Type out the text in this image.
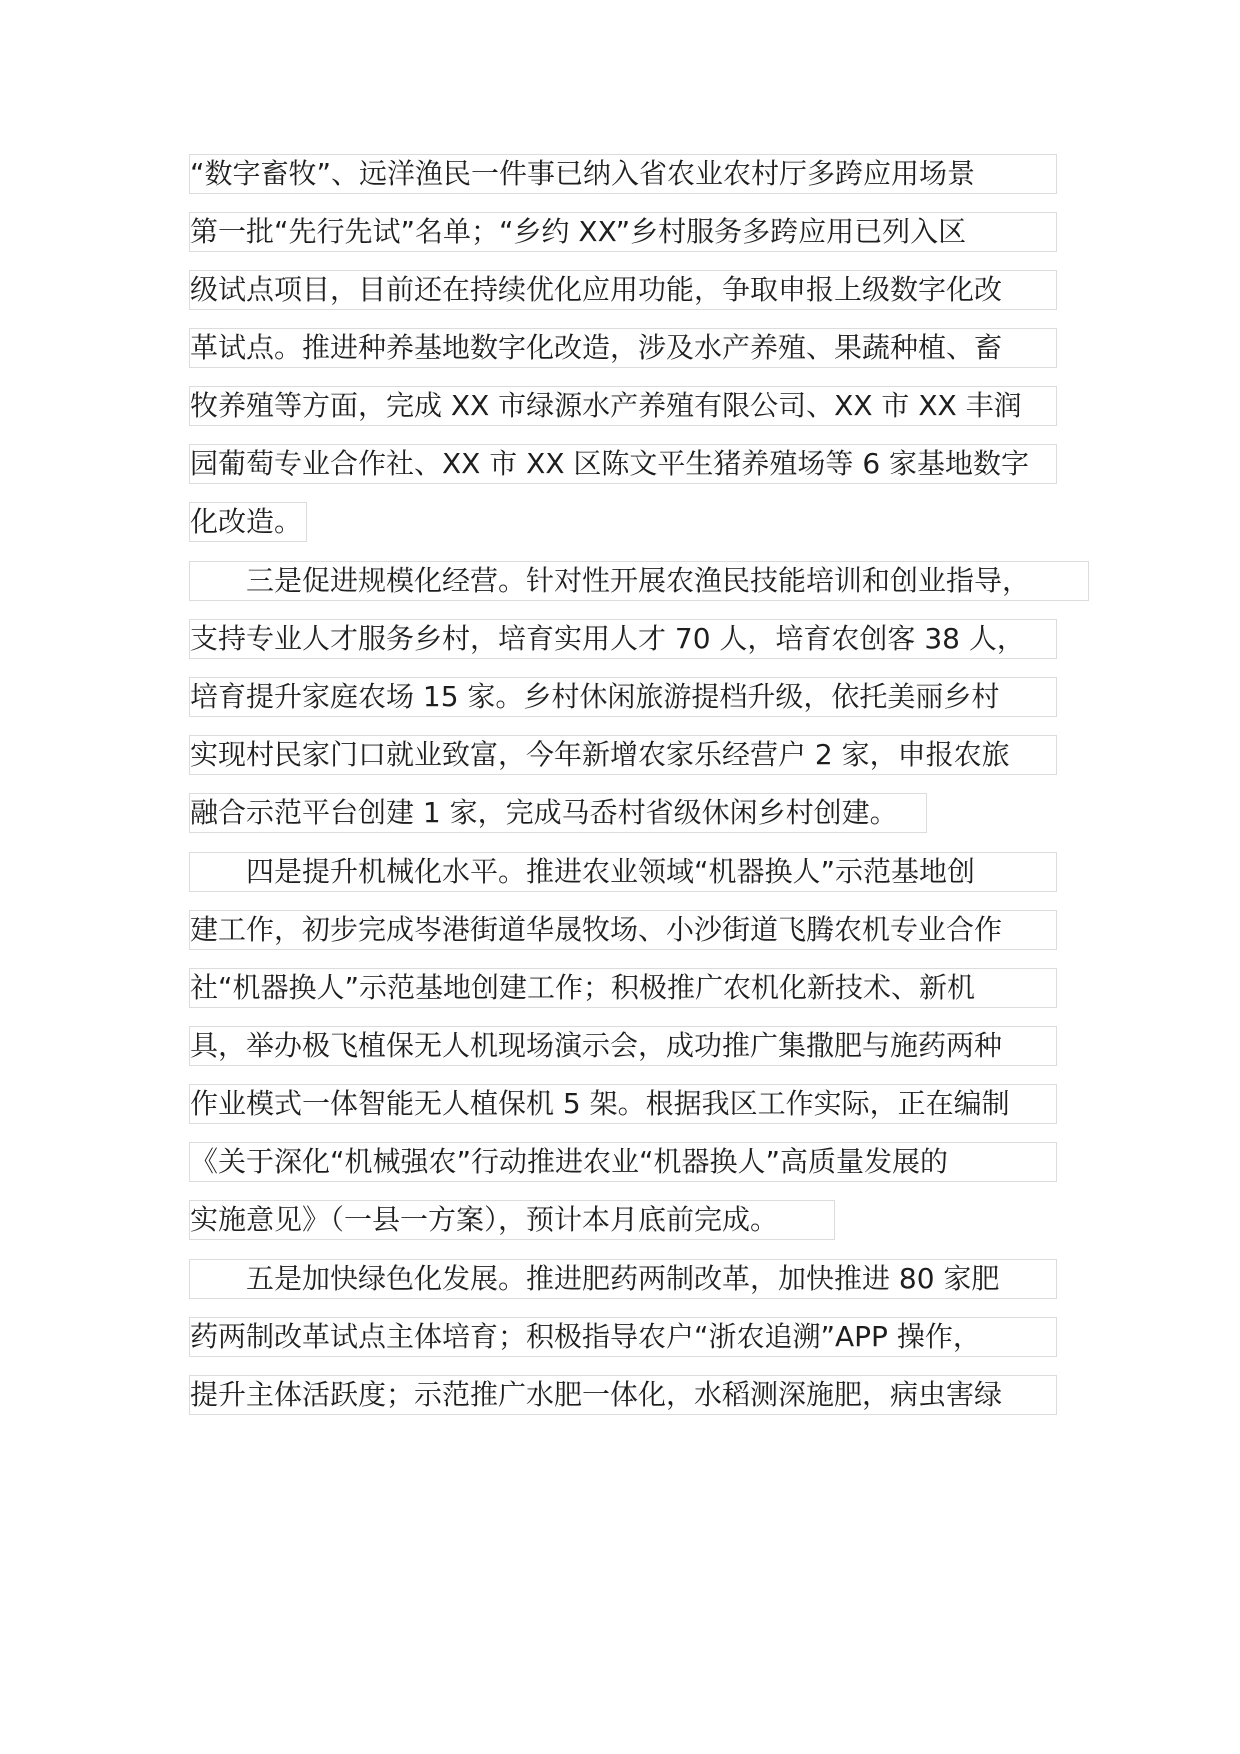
“数字畜牧”、远洋渔民一件事已纳入省农业农村厅多跨应用场景
第一批“先行先试”名单；“乡约 XX”乡村服务多跨应用已列入区
级试点项目，目前还在持续优化应用功能，争取申报上级数字化改
革试点。推进种养基地数字化改造，涉及水产养殖、果蔬种植、畜
牧养殖等方面，完成 XX 市绿源水产养殖有限公司、XX 市 XX 丰润
园葡萄专业合作社、XX 市 XX 区陈文平生猪养殖场等 6 家基地数字
化改造。
　　三是促进规模化经营。针对性开展农渔民技能培训和创业指导，
支持专业人才服务乡村，培育实用人才 70 人，培育农创客 38 人，
培育提升家庭农场 15 家。乡村休闲旅游提档升级，依托美丽乡村
实现村民家门口就业致富，今年新增农家乐经营户 2 家，申报农旅
融合示范平台创建 1 家，完成马岙村省级休闲乡村创建。
　　四是提升机械化水平。推进农业领域“机器换人”示范基地创
建工作，初步完成岑港街道华晟牧场、小沙街道飞腾农机专业合作
社“机器换人”示范基地创建工作；积极推广农机化新技术、新机
具，举办极飞植保无人机现场演示会，成功推广集撒肥与施药两种
作业模式一体智能无人植保机 5 架。根据我区工作实际，正在编制
《关于深化“机械强农”行动推进农业“机器换人”高质量发展的
实施意见》（一县一方案），预计本月底前完成。
　　五是加快绿色化发展。推进肥药两制改革，加快推进 80 家肥
药两制改革试点主体培育；积极指导农户“浙农追溯”APP 操作，
提升主体活跃度；示范推广水肥一体化，水稻测深施肥，病虫害绿
